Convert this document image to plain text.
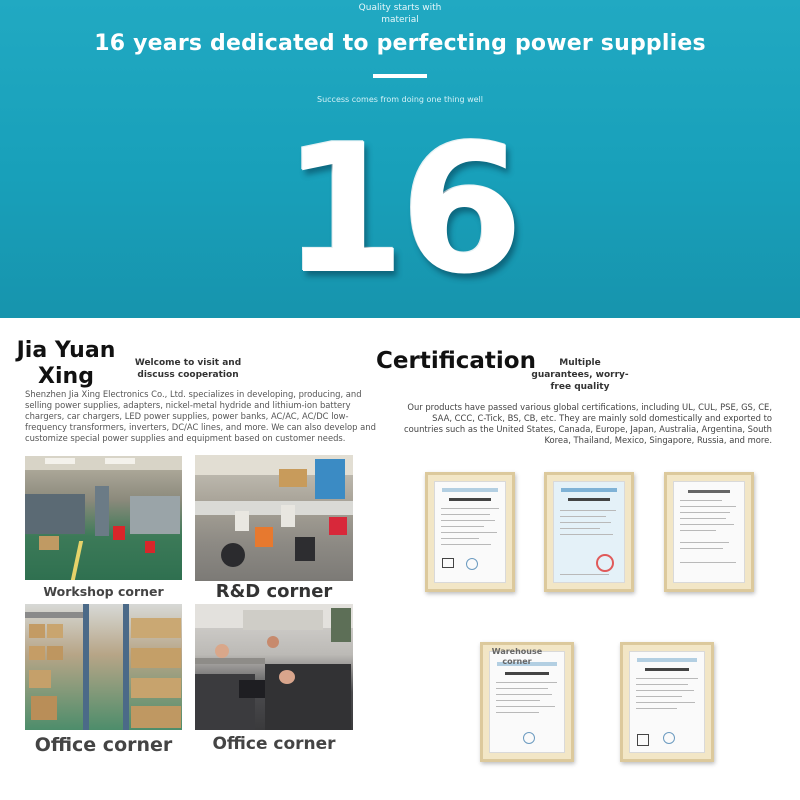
Quality starts with material
16 years dedicated to perfecting power supplies
Success comes from doing one thing well
16
Jia Yuan Xing
Welcome to visit and discuss cooperation
Shenzhen Jia Xing Electronics Co., Ltd. specializes in developing, producing, and selling power supplies, adapters, nickel-metal hydride and lithium-ion battery chargers, car chargers, LED power supplies, power banks, AC/AC, AC/DC low-frequency transformers, inverters, DC/AC lines, and more. We can also develop and customize special power supplies and equipment based on customer needs.
Workshop corner	R&D corner
Office corner	Office corner
Certification	Multiple guarantees, worry-free quality
Our products have passed various global certifications, including UL, CUL, PSE, GS, CE, SAA, CCC, C-Tick, BS, CB, etc. They are mainly sold domestically and exported to countries such as the United States, Canada, Europe, Japan, Australia, Argentina, South Korea, Thailand, Mexico, Singapore, Russia, and more.
Warehouse corner
